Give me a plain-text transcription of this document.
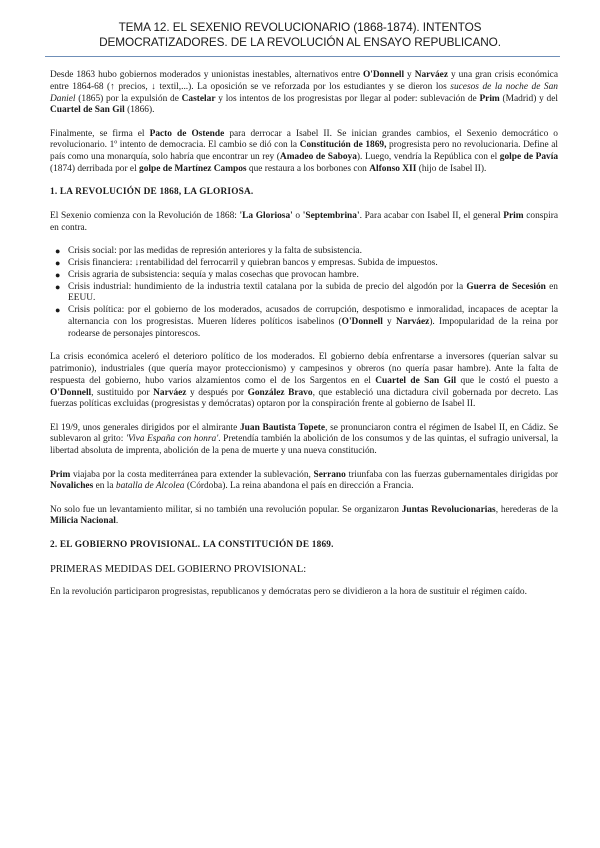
TEMA 12. EL SEXENIO REVOLUCIONARIO (1868-1874). INTENTOS
DEMOCRATIZADORES. DE LA REVOLUCIÓN AL ENSAYO REPUBLICANO.

Desde 1863 hubo gobiernos moderados y unionistas inestables, alternativos entre O'Donnell y Narváez y una gran crisis económica entre 1864-68 (↑ precios, ↓ textil,...). La oposición se ve reforzada por los estudiantes y se dieron los sucesos de la noche de San Daniel (1865) por la expulsión de Castelar y los intentos de los progresistas por llegar al poder: sublevación de Prim (Madrid) y del Cuartel de San Gil (1866).

Finalmente, se firma el Pacto de Ostende para derrocar a Isabel II. Se inician grandes cambios, el Sexenio democrático o revolucionario. 1º intento de democracia. El cambio se dió con la Constitución de 1869, progresista pero no revolucionaria. Define al país como una monarquía, solo habría que encontrar un rey (Amadeo de Saboya). Luego, vendría la República con el golpe de Pavía (1874) derribada por el golpe de Martínez Campos que restaura a los borbones con Alfonso XII (hijo de Isabel II).

1. LA REVOLUCIÓN DE 1868, LA GLORIOSA.

El Sexenio comienza con la Revolución de 1868: 'La Gloriosa' o 'Septembrina'. Para acabar con Isabel II, el general Prim conspira en contra.

● Crisis social: por las medidas de represión anteriores y la falta de subsistencia.
● Crisis financiera: ↓rentabilidad del ferrocarril y quiebran bancos y empresas. Subida de impuestos.
● Crisis agraria de subsistencia: sequía y malas cosechas que provocan hambre.
● Crisis industrial: hundimiento de la industria textil catalana por la subida de precio del algodón por la Guerra de Secesión en EEUU.
● Crisis política: por el gobierno de los moderados, acusados de corrupción, despotismo e inmoralidad, incapaces de aceptar la alternancia con los progresistas. Mueren líderes políticos isabelinos (O'Donnell y Narváez). Impopularidad de la reina por rodearse de personajes pintorescos.

La crisis económica aceleró el deterioro político de los moderados. El gobierno debía enfrentarse a inversores (querían salvar su patrimonio), industriales (que quería mayor proteccionismo) y campesinos y obreros (no quería pasar hambre). Ante la falta de respuesta del gobierno, hubo varios alzamientos como el de los Sargentos en el Cuartel de San Gil que le costó el puesto a O'Donnell, sustituido por Narváez y después por González Bravo, que estableció una dictadura civil gobernada por decreto. Las fuerzas políticas excluidas (progresistas y demócratas) optaron por la conspiración frente al gobierno de Isabel II.

El 19/9, unos generales dirigidos por el almirante Juan Bautista Topete, se pronunciaron contra el régimen de Isabel II, en Cádiz. Se sublevaron al grito: 'Viva España con honra'. Pretendía también la abolición de los consumos y de las quintas, el sufragio universal, la libertad absoluta de imprenta, abolición de la pena de muerte y una nueva constitución.

Prim viajaba por la costa mediterránea para extender la sublevación, Serrano triunfaba con las fuerzas gubernamentales dirigidas por Novaliches en la batalla de Alcolea (Córdoba). La reina abandona el país en dirección a Francia.

No solo fue un levantamiento militar, si no también una revolución popular. Se organizaron Juntas Revolucionarias, herederas de la Milicia Nacional.

2. EL GOBIERNO PROVISIONAL. LA CONSTITUCIÓN DE 1869.
PRIMERAS MEDIDAS DEL GOBIERNO PROVISIONAL:

En la revolución participaron progresistas, republicanos y demócratas pero se dividieron a la hora de sustituir el régimen caído.
